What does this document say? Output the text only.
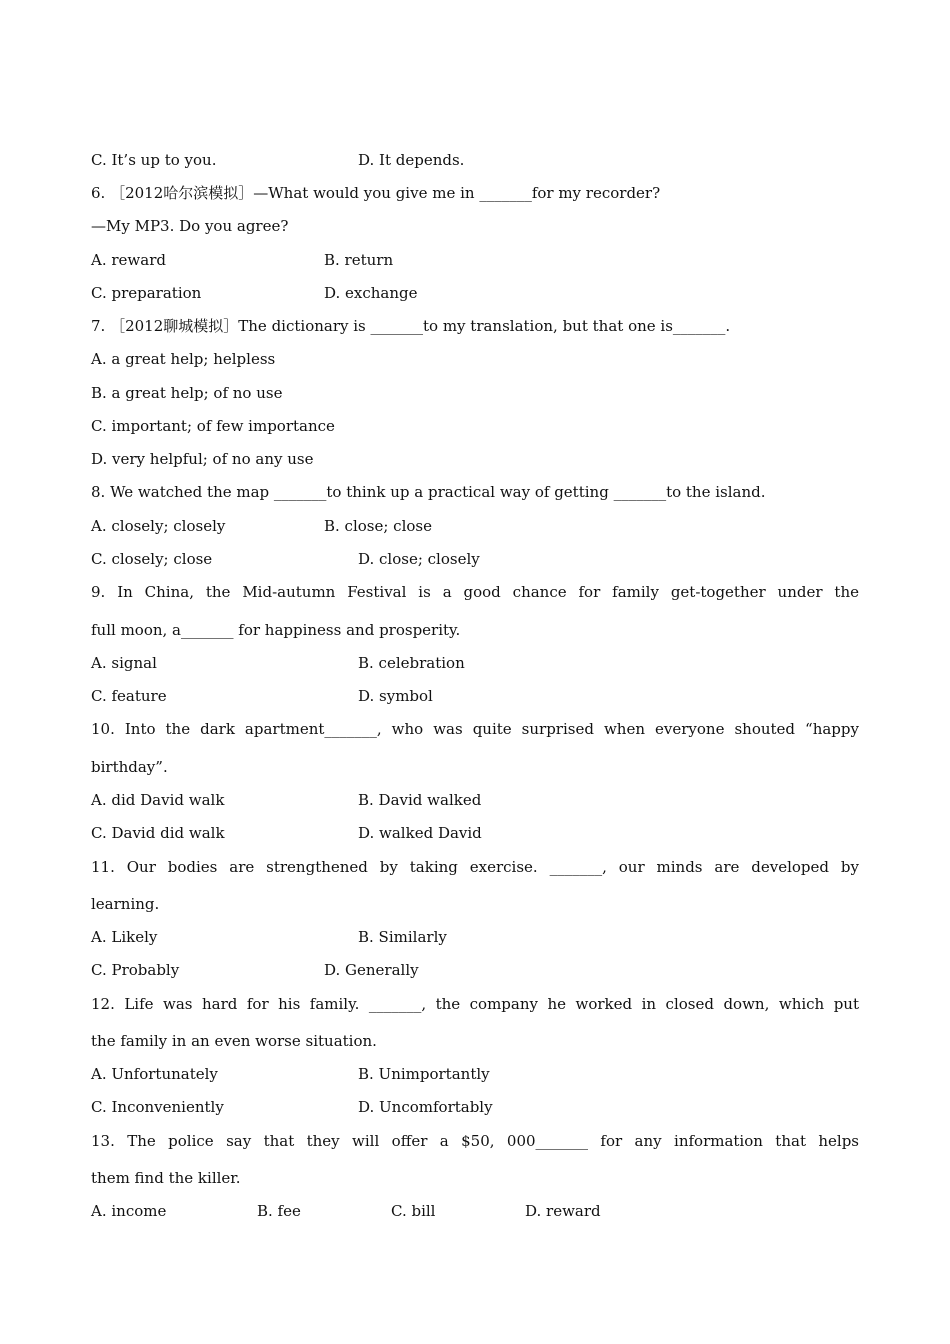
C. It’s up to you.	D. It depends.
6. ［2012哈尔滨模拟］—What would you give me in _______for my recorder?
—My MP3. Do you agree?
A. reward	B. return
C. preparation	D. exchange
7. ［2012聊城模拟］The dictionary is _______to my translation, but that one is_______.
A. a great help; helpless
B. a great help; of no use
C. important; of few importance
D. very helpful; of no any use
8. We watched the map _______to think up a practical way of getting _______to the island.
A. closely; closely	B. close; close
C. closely; close	D. close; closely
9. In China, the Mid-autumn Festival is a good chance for family get-together under the
full moon, a_______ for happiness and prosperity.
A. signal	B. celebration
C. feature	D. symbol
10. Into the dark apartment_______, who was quite surprised when everyone shouted “happy
birthday”.
A. did David walk	B. David walked
C. David did walk	D. walked David
11. Our bodies are strengthened by taking exercise. _______, our minds are developed by
learning.
A. Likely	B. Similarly
C. Probably	D. Generally
12. Life was hard for his family. _______, the company he worked in closed down, which put
the family in an even worse situation.
A. Unfortunately	B. Unimportantly
C. Inconveniently	D. Uncomfortably
13. The police say that they will offer a $50, 000_______ for any information that helps
them find the killer.
A. income	B. fee	C. bill	D. reward
